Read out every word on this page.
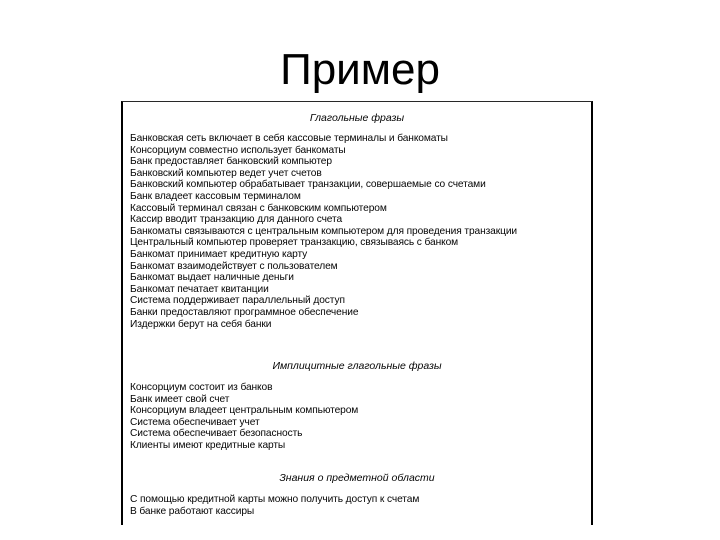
Пример
Глагольные фразы
Банковская сеть включает в себя кассовые терминалы и банкоматы
Консорциум совместно использует банкоматы
Банк предоставляет банковский компьютер
Банковский компьютер ведет учет счетов
Банковский компьютер обрабатывает транзакции, совершаемые со счетами
Банк владеет кассовым терминалом
Кассовый терминал связан с банковским компьютером
Кассир вводит транзакцию для данного счета
Банкоматы связываются с центральным компьютером для проведения транзакции
Центральный компьютер проверяет транзакцию, связываясь с банком
Банкомат принимает кредитную карту
Банкомат взаимодействует с пользователем
Банкомат выдает наличные деньги
Банкомат печатает квитанции
Система поддерживает параллельный доступ
Банки предоставляют программное обеспечение
Издержки берут на себя банки
Имплицитные глагольные фразы
Консорциум состоит из банков
Банк имеет свой счет
Консорциум владеет центральным компьютером
Система обеспечивает учет
Система обеспечивает безопасность
Клиенты имеют кредитные карты
Знания о предметной области
С помощью кредитной карты можно получить доступ к счетам
В банке работают кассиры
